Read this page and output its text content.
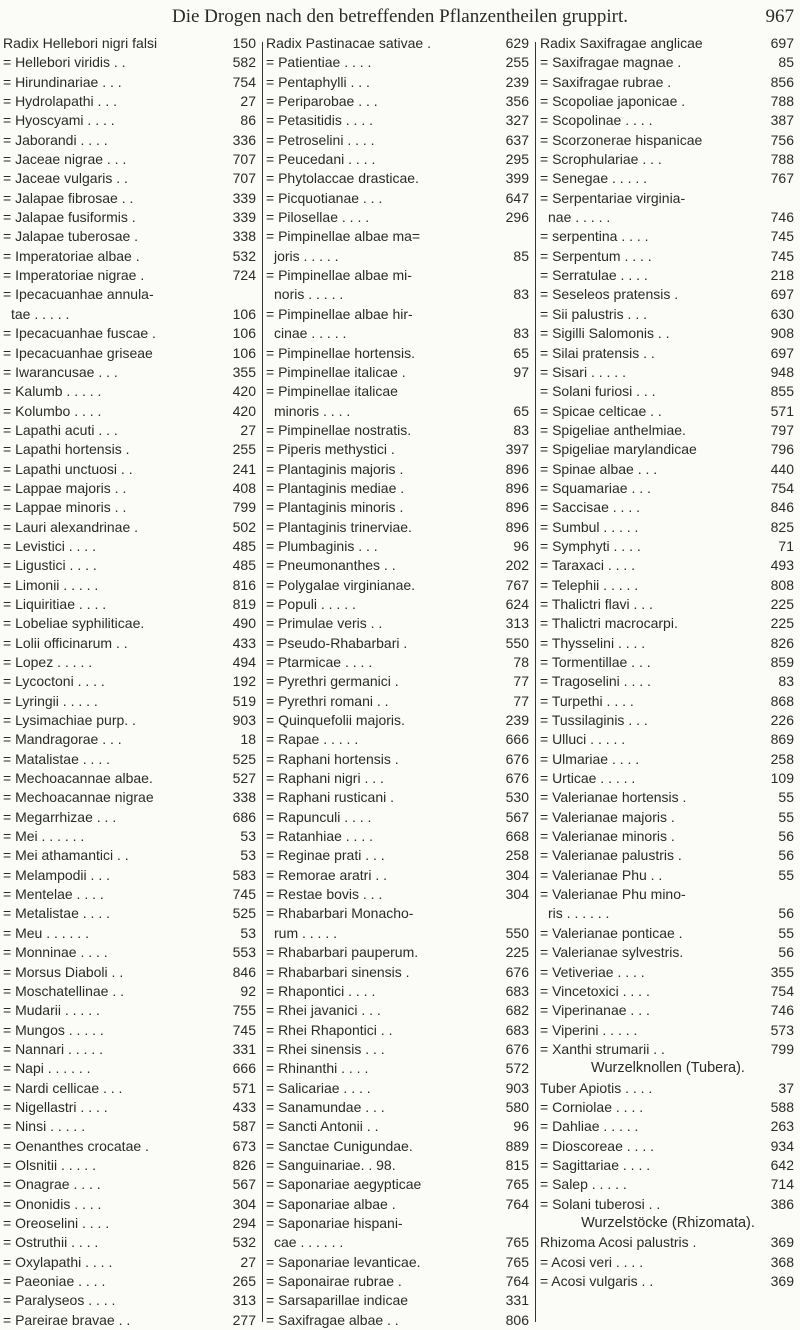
Die Drogen nach den betreffenden Pflanzentheilen gruppirt.	967
Radix Hellebori nigri falsi	150
= Hellebori viridis . .	582
= Hirundinariae . . .	754
= Hydrolapathi . . .	27
= Hyoscyami . . . .	86
= Jaborandi . . . .	336
= Jaceae nigrae . . .	707
= Jaceae vulgaris . .	707
= Jalapae fibrosae . .	339
= Jalapae fusiformis .	339
= Jalapae tuberosae .	338
= Imperatoriae albae .	532
= Imperatoriae nigrae .	724
= Ipecacuanhae annula-
tae . . . . .	106
= Ipecacuanhae fuscae .	106
= Ipecacuanhae griseae	106
= Iwarancusae . . .	355
= Kalumb . . . . .	420
= Kolumbo . . . .	420
= Lapathi acuti . . .	27
= Lapathi hortensis .	255
= Lapathi unctuosi . .	241
= Lappae majoris . .	408
= Lappae minoris . .	799
= Lauri alexandrinae .	502
= Levistici . . . .	485
= Ligustici . . . .	485
= Limonii . . . . .	816
= Liquiritiae . . . .	819
= Lobeliae syphiliticae.	490
= Lolii officinarum . .	433
= Lopez . . . . .	494
= Lycoctoni . . . .	192
= Lyringii . . . . .	519
= Lysimachiae purp. .	903
= Mandragorae . . .	18
= Matalistae . . . .	525
= Mechoacannae albae.	527
= Mechoacannae nigrae	338
= Megarrhizae . . .	686
= Mei . . . . . .	53
= Mei athamantici . .	53
= Melampodii . . .	583
= Mentelae . . . .	745
= Metalistae . . . .	525
= Meu . . . . . .	53
= Monninae . . . .	553
= Morsus Diaboli . .	846
= Moschatellinae . .	92
= Mudarii . . . . .	755
= Mungos . . . . .	745
= Nannari . . . . .	331
= Napi . . . . . .	666
= Nardi cellicae . . .	571
= Nigellastri . . . .	433
= Ninsi . . . . .	587
= Oenanthes crocatae .	673
= Olsnitii . . . . .	826
= Onagrae . . . .	567
= Ononidis . . . .	304
= Oreoselini . . . .	294
= Ostruthii . . . .	532
= Oxylapathi . . . .	27
= Paeoniae . . . .	265
= Paralyseos . . . .	313
= Pareirae bravae . .	277
Radix Pastinacae sativae .	629
= Patientiae . . . .	255
= Pentaphylli . . .	239
= Periparobae . . .	356
= Petasitidis . . . .	327
= Petroselini . . . .	637
= Peucedani . . . .	295
= Phytolaccae drasticae.	399
= Picquotianae . . .	647
= Pilosellae . . . .	296
= Pimpinellae albae ma=
joris . . . . .	85
= Pimpinellae albae mi-
noris . . . . .	83
= Pimpinellae albae hir-
cinae . . . . .	83
= Pimpinellae hortensis.	65
= Pimpinellae italicae .	97
= Pimpinellae italicae
minoris . . . .	65
= Pimpinellae nostratis.	83
= Piperis methystici .	397
= Plantaginis majoris .	896
= Plantaginis mediae .	896
= Plantaginis minoris .	896
= Plantaginis trinerviae.	896
= Plumbaginis . . .	96
= Pneumonanthes . .	202
= Polygalae virginianae.	767
= Populi . . . . .	624
= Primulae veris . .	313
= Pseudo-Rhabarbari .	550
= Ptarmicae . . . .	78
= Pyrethri germanici .	77
= Pyrethri romani . .	77
= Quinquefolii majoris.	239
= Rapae . . . . .	666
= Raphani hortensis .	676
= Raphani nigri . . .	676
= Raphani rusticani .	530
= Rapunculi . . . .	567
= Ratanhiae . . . .	668
= Reginae prati . . .	258
= Remorae aratri . .	304
= Restae bovis . . .	304
= Rhabarbari Monacho-
rum . . . . .	550
= Rhabarbari pauperum.	225
= Rhabarbari sinensis .	676
= Rhapontici . . . .	683
= Rhei javanici . . .	682
= Rhei Rhapontici . .	683
= Rhei sinensis . . .	676
= Rhinanthi . . . .	572
= Salicariae . . . .	903
= Sanamundae . . .	580
= Sancti Antonii . .	96
= Sanctae Cunigundae.	889
= Sanguinariae. . 98.	815
= Saponariae aegypticae	765
= Saponariae albae .	764
= Saponariae hispani-
cae . . . . . .	765
= Saponariae levanticae.	765
= Saponairae rubrae .	764
= Sarsaparillae indicae	331
= Saxifragae albae . .	806
Radix Saxifragae anglicae	697
= Saxifragae magnae .	85
= Saxifragae rubrae .	856
= Scopoliae japonicae .	788
= Scopolinae . . . .	387
= Scorzonerae hispanicae	756
= Scrophulariae . . .	788
= Senegae . . . . .	767
= Serpentariae virginia-
nae . . . . .	746
= serpentina . . . .	745
= Serpentum . . . .	745
= Serratulae . . . .	218
= Seseleos pratensis .	697
= Sii palustris . . .	630
= Sigilli Salomonis . .	908
= Silai pratensis . .	697
= Sisari . . . . .	948
= Solani furiosi . . .	855
= Spicae celticae . .	571
= Spigeliae anthelmiae.	797
= Spigeliae marylandicae	796
= Spinae albae . . .	440
= Squamariae . . .	754
= Saccisae . . . .	846
= Sumbul . . . . .	825
= Symphyti . . . .	71
= Taraxaci . . . .	493
= Telephii . . . . .	808
= Thalictri flavi . . .	225
= Thalictri macrocarpi.	225
= Thysselini . . . .	826
= Tormentillae . . .	859
= Tragoselini . . . .	83
= Turpethi . . . .	868
= Tussilaginis . . .	226
= Ulluci . . . . .	869
= Ulmariae . . . .	258
= Urticae . . . . .	109
= Valerianae hortensis .	55
= Valerianae majoris .	55
= Valerianae minoris .	56
= Valerianae palustris .	56
= Valerianae Phu . .	55
= Valerianae Phu mino-
ris . . . . . .	56
= Valerianae ponticae .	55
= Valerianae sylvestris.	56
= Vetiveriae . . . .	355
= Vincetoxici . . . .	754
= Viperinanae . . .	746
= Viperini . . . . .	573
= Xanthi strumarii . .	799
Wurzelknollen (Tubera).
Tuber Apiotis . . . .	37
= Corniolae . . . .	588
= Dahliae . . . . .	263
= Dioscoreae . . . .	934
= Sagittariae . . . .	642
= Salep . . . . .	714
= Solani tuberosi . .	386
Wurzelstöcke (Rhizomata).
Rhizoma Acosi palustris .	369
= Acosi veri . . . .	368
= Acosi vulgaris . .	369
